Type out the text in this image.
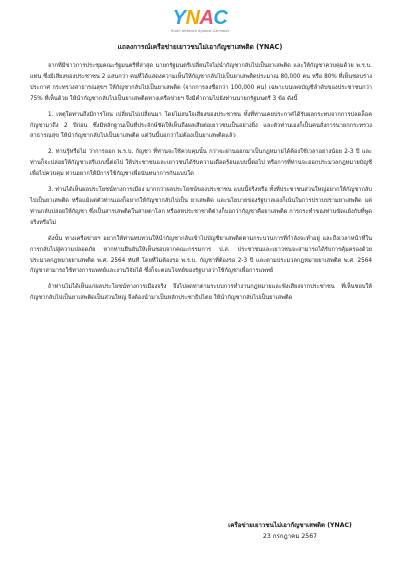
YNAC
Youth Network Against Cannabis
แถลงการณ์เครือข่ายเยาวชนไม่เอากัญชาเสพติด (YNAC)

จากที่มีข่าวการประชุมคณะรัฐมนตรีที่ล่าสุด นายกรัฐมนตรีเปลี่ยนใจไม่นำกัญชากลับไปเป็นยาเสพติด และให้กัญชาควบคุมด้วย พ.ร.บ. แทน ซึ่งมีเสียงของประชาชน 2 แสนกว่า คนที่ได้แสดงความเห็นให้กัญชากลับไปเป็นยาเสพติดประมาณ 80,000 คน หรือ 80% ที่เห็นชอบร่างประกาศ กระทรวงสาธารณสุขฯ ให้กัญชากลับไปเป็นยาเสพติด (จากการลงชื่อกว่า 100,000 คน) เฉพาะบนเพจบัญชีลำดับของประชาชนกว่า 75% ที่เห็นด้วย ให้นำกัญชากลับไปเป็นยาเสพติดทางเครือข่ายฯ จึงมีคำถามไปยังท่านนายกรัฐมนตรี 3 ข้อ ดังนี้

1. เหตุใดท่านถึงมีการโยน เปลี่ยนไปเปลี่ยนมา โดยไม่สนใจเสียงของประชาชน ทั้งที่ท่านเคยประกาศได้รับผลกระทบจากการปลดล็อคกัญชามาถึง 2 ปีก่อน ซึ่งมีหลักฐานเป็นที่ประจักษ์ชัดให้เห็นถึงผลเสียต่อเยาวชนเป็นอย่างยิ่ง และตัวท่านเองก็เป็นคนสั่งการนายกกระทรวงสาธารณสุข ให้นำกัญชากลับไปเป็นยาเสพติด แต่วันนี้บอกว่าไม่ต้องเป็นยาเสพติดแล้ว

2. ท่านรู้หรือไม่ ว่าการออก พ.ร.บ. กัญชา ที่ท่านจะใช้ควบคุมนั้น กว่าจะผ่านออกมาเป็นกฎหมายได้ต้องใช้เวลาอย่างน้อย 2-3 ปี และท่านก็จะปล่อยให้กัญชาเสรีแบบนี้ต่อไป ให้ประชาชนและเยาวชนได้รับความเดือดร้อนแบบนี้ต่อไป หรือการที่ท่านจะออกประมวลกฎหมายบัญชีเพื่อไปควบคุม ท่านอยากให้มีการใช้กัญชาเพื่อนันทนาการกันแบบใด

3. ท่านได้เห็นผลประโยชน์ทางการเมือง มากกว่าผลประโยชน์ของประชาชน แบบนี้จริงหรือ ทั้งที่ประชาชนส่วนใหญ่อยากให้กัญชากลับไปเป็นยาเสพติด หรือแม้แต่ตัวท่านเองก็อยากให้กัญชากลับไปเป็น ยาเสพติด และนโยบายของรัฐบาลเองก็เน้นในการปราบปรามยาเสพติด แต่ท่านกลับปล่อยให้กัญชา ซึ่งเป็นสารเสพติดในสายตาโลก หรือสหประชาชาติต่างก็บอกว่ากัญชาคือยาเสพติด การกระทำของท่านขัดแย้งกับที่พูดจริงหรือไม่

ดังนั้น ทางเครือข่ายฯ อยากให้ท่านทบทวนให้นำกัญชากลับเข้าไปบัญชียาเสพติดตามกระบวนการที่กำลังจะทำอยู่ และถึงเวลาหน้าที่ในการกลับไปสู่ความปลอดภัย หากท่านยืนยันให้เห็นชอบจากคณะกรรมการ ป.ส. ประชาชนและเยาวชนจะสามารถได้รับการคุ้มครองด้วยประมวลกฎหมายยาเสพติด พ.ศ. 2564 ทันที โดยที่ไม่ต้องรอ พ.ร.บ. กัญชาที่ต้องรอ 2-3 ปี และตามประมวลกฎหมายยาเสพติด พ.ศ. 2564 กัญชาสามารถใช้ทางการแพทย์และงานวิจัยได้ ซึ่งก็จะตอบโจทย์ของรัฐบาลว่าใช้กัญชาเพื่อการแพทย์

ถ้าท่านไม่ได้เห็นแก่ผลประโยชน์ทางการเมืองจริง จึงไปลดท่าตามระบบการทำงานกฎหมายและฟังเสียงจากประชาชน ที่เห็นชอบให้กัญชากลับไปเป็นยาเสพติดเป็นส่วนใหญ่ จึงต้องนำมาเป็นหลักประชาธิปไตย ให้นำกัญชากลับไปเป็นยาเสพติด

เครือข่ายเยาวชนไม่เอากัญชาเสพติด (YNAC)
23 กรกฎาคม 2567
